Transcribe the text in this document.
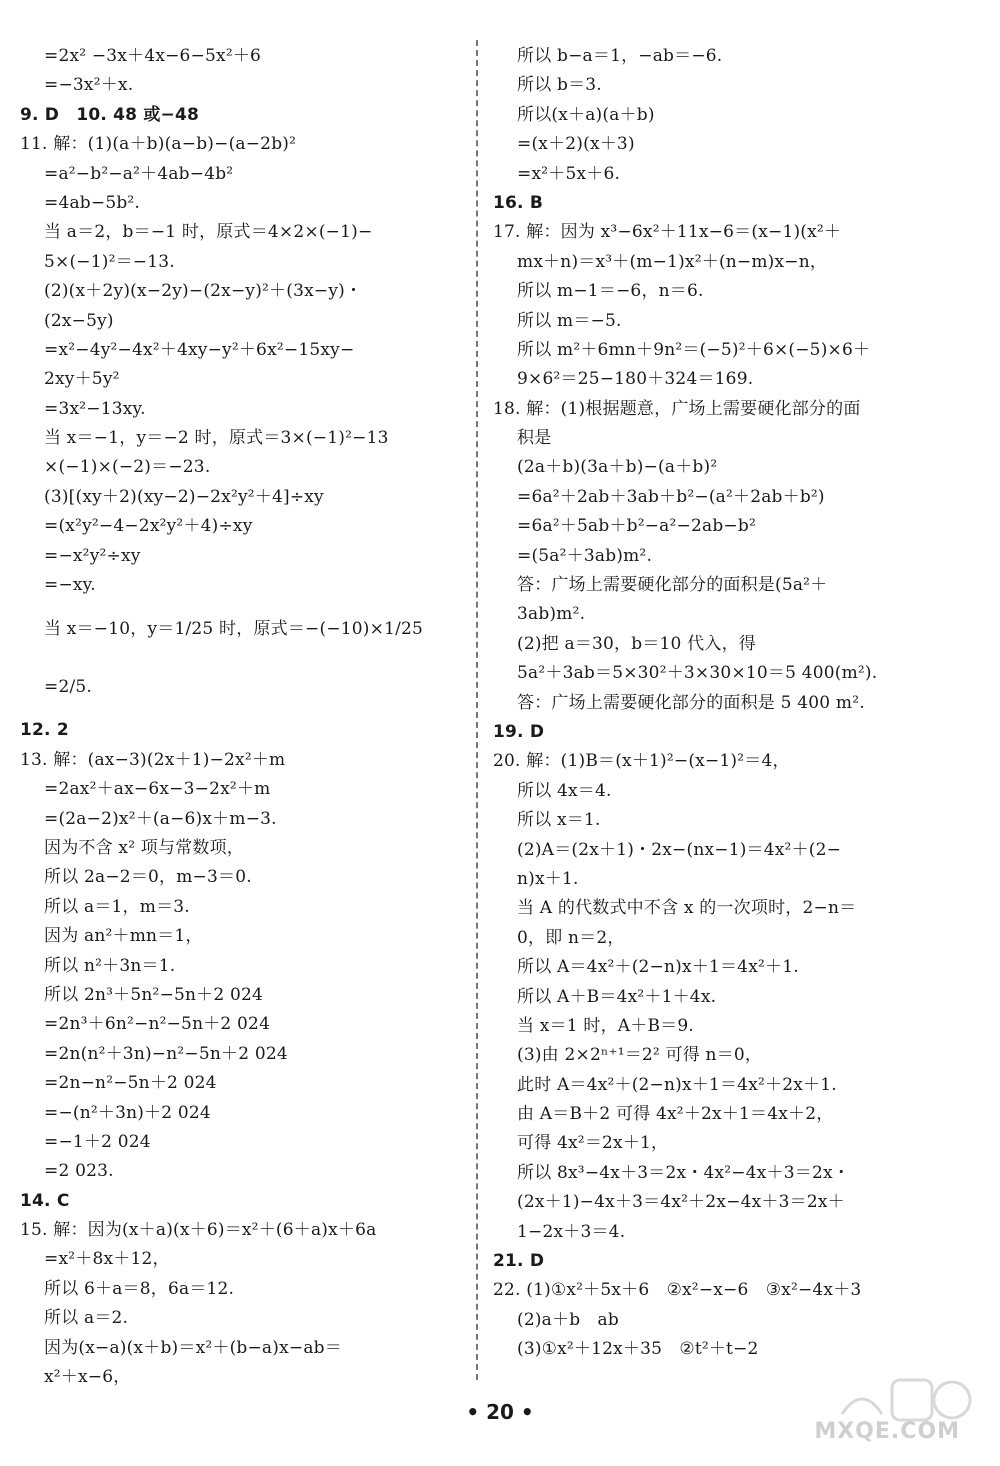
=2x² −3x＋4x−6−5x²＋6
=−3x²＋x.
9. D　10. 48 或−48
11. 解：(1)(a＋b)(a−b)−(a−2b)²
=a²−b²−a²＋4ab−4b²
=4ab−5b².
当 a＝2，b＝−1 时，原式＝4×2×(−1)−
5×(−1)²＝−13.
(2)(x＋2y)(x−2y)−(2x−y)²＋(3x−y)・
(2x−5y)
=x²−4y²−4x²＋4xy−y²＋6x²−15xy−
2xy＋5y²
=3x²−13xy.
当 x＝−1，y＝−2 时，原式＝3×(−1)²−13
×(−1)×(−2)＝−23.
(3)[(xy＋2)(xy−2)−2x²y²＋4]÷xy
=(x²y²−4−2x²y²＋4)÷xy
=−x²y²÷xy
=−xy.
当 x＝−10，y＝1/25 时，原式＝−(−10)×1/25
=2/5.
12. 2
13. 解：(ax−3)(2x＋1)−2x²＋m
=2ax²＋ax−6x−3−2x²＋m
=(2a−2)x²＋(a−6)x＋m−3.
因为不含 x² 项与常数项，
所以 2a−2＝0，m−3＝0.
所以 a＝1，m＝3.
因为 an²＋mn＝1，
所以 n²＋3n＝1.
所以 2n³＋5n²−5n＋2 024
=2n³＋6n²−n²−5n＋2 024
=2n(n²＋3n)−n²−5n＋2 024
=2n−n²−5n＋2 024
=−(n²＋3n)＋2 024
=−1＋2 024
=2 023.
14. C
15. 解：因为(x＋a)(x＋6)＝x²＋(6＋a)x＋6a
=x²＋8x＋12，
所以 6＋a＝8，6a＝12.
所以 a＝2.
因为(x−a)(x＋b)＝x²＋(b−a)x−ab＝
x²＋x−6，
所以 b−a＝1，−ab＝−6.
所以 b＝3.
所以(x＋a)(a＋b)
=(x＋2)(x＋3)
=x²＋5x＋6.
16. B
17. 解：因为 x³−6x²＋11x−6＝(x−1)(x²＋
mx＋n)＝x³＋(m−1)x²＋(n−m)x−n，
所以 m−1＝−6，n＝6.
所以 m＝−5.
所以 m²＋6mn＋9n²＝(−5)²＋6×(−5)×6＋
9×6²＝25−180＋324＝169.
18. 解：(1)根据题意，广场上需要硬化部分的面
积是
(2a＋b)(3a＋b)−(a＋b)²
=6a²＋2ab＋3ab＋b²−(a²＋2ab＋b²)
=6a²＋5ab＋b²−a²−2ab−b²
=(5a²＋3ab)m².
答：广场上需要硬化部分的面积是(5a²＋
3ab)m².
(2)把 a＝30，b＝10 代入，得
5a²＋3ab＝5×30²＋3×30×10＝5 400(m²).
答：广场上需要硬化部分的面积是 5 400 m².
19. D
20. 解：(1)B＝(x＋1)²−(x−1)²＝4，
所以 4x＝4.
所以 x＝1.
(2)A＝(2x＋1)・2x−(nx−1)＝4x²＋(2−
n)x＋1.
当 A 的代数式中不含 x 的一次项时，2−n＝
0，即 n＝2，
所以 A＝4x²＋(2−n)x＋1＝4x²＋1.
所以 A＋B＝4x²＋1＋4x.
当 x＝1 时，A＋B＝9.
(3)由 2×2ⁿ⁺¹＝2² 可得 n＝0，
此时 A＝4x²＋(2−n)x＋1＝4x²＋2x＋1.
由 A＝B＋2 可得 4x²＋2x＋1＝4x＋2，
可得 4x²＝2x＋1，
所以 8x³−4x＋3＝2x・4x²−4x＋3＝2x・
(2x＋1)−4x＋3＝4x²＋2x−4x＋3＝2x＋
1−2x＋3＝4.
21. D
22. (1)①x²＋5x＋6　②x²−x−6　③x²−4x＋3
(2)a＋b　ab
(3)①x²＋12x＋35　②t²＋t−2
• 20 •
MXQE.COM
